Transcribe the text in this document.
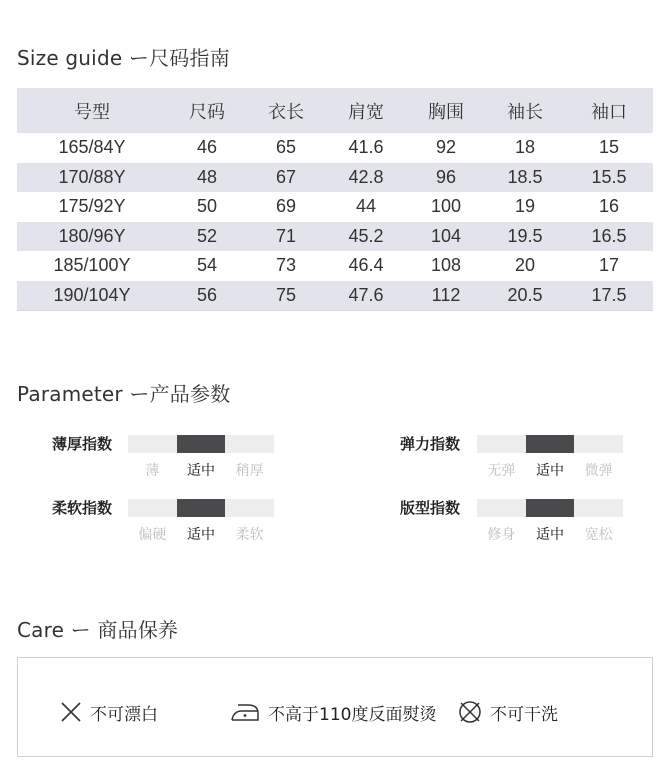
Size guide ー尺码指南
号型	尺码	衣长	肩宽	胸围	袖长	袖口
165/84Y	46	65	41.6	92	18	15
170/88Y	48	67	42.8	96	18.5	15.5
175/92Y	50	69	44	100	19	16
180/96Y	52	71	45.2	104	19.5	16.5
185/100Y	54	73	46.4	108	20	17
190/104Y	56	75	47.6	112	20.5	17.5
Parameter ー产品参数
薄厚指数
薄	适中	稍厚
弹力指数
无弹	适中	微弹
柔软指数
偏硬	适中	柔软
版型指数
修身	适中	宽松
Care ー 商品保养
不可漂白	不高于110度反面熨烫	不可干洗
